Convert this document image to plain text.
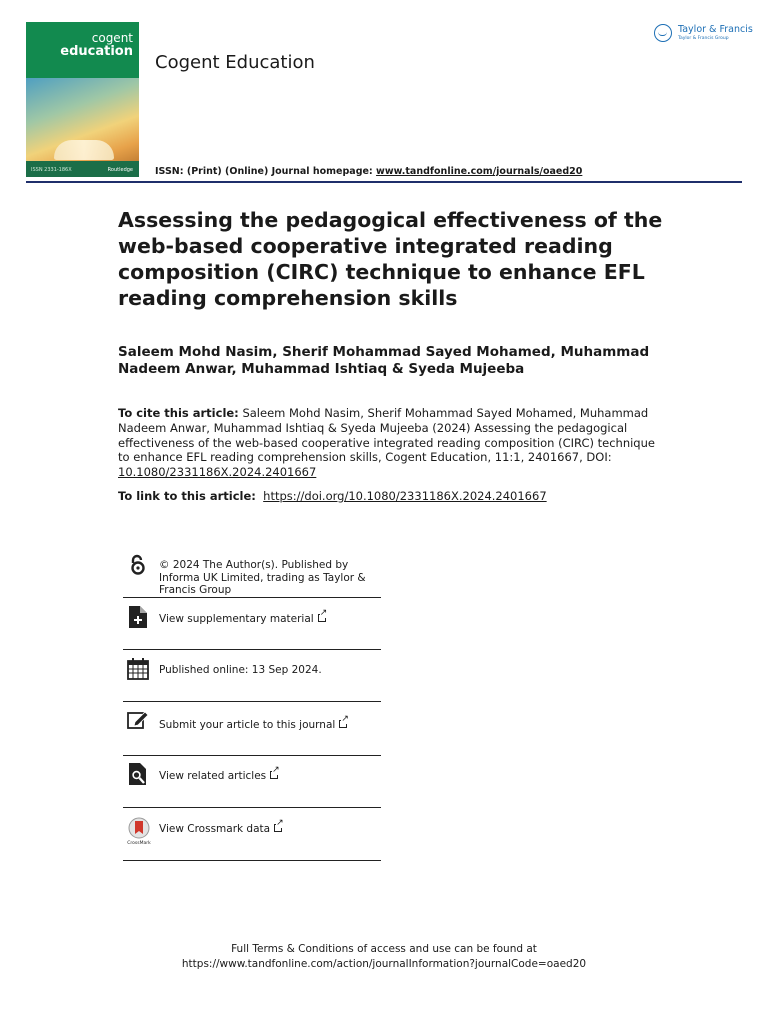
cogent
education
ISSN 2331-186X	Routledge
Cogent Education
Taylor & Francis
Taylor & Francis Group
ISSN: (Print) (Online) Journal homepage: www.tandfonline.com/journals/oaed20
Assessing the pedagogical effectiveness of the web-based cooperative integrated reading composition (CIRC) technique to enhance EFL reading comprehension skills
Saleem Mohd Nasim, Sherif Mohammad Sayed Mohamed, Muhammad Nadeem Anwar, Muhammad Ishtiaq & Syeda Mujeeba
To cite this article: Saleem Mohd Nasim, Sherif Mohammad Sayed Mohamed, Muhammad Nadeem Anwar, Muhammad Ishtiaq & Syeda Mujeeba (2024) Assessing the pedagogical effectiveness of the web-based cooperative integrated reading composition (CIRC) technique to enhance EFL reading comprehension skills, Cogent Education, 11:1, 2401667, DOI: 10.1080/2331186X.2024.2401667
To link to this article: https://doi.org/10.1080/2331186X.2024.2401667
© 2024 The Author(s). Published by Informa UK Limited, trading as Taylor & Francis Group
View supplementary material↗
Published online: 13 Sep 2024.
Submit your article to this journal↗
View related articles↗
CrossMark
View Crossmark data↗
Full Terms & Conditions of access and use can be found at
https://www.tandfonline.com/action/journalInformation?journalCode=oaed20
